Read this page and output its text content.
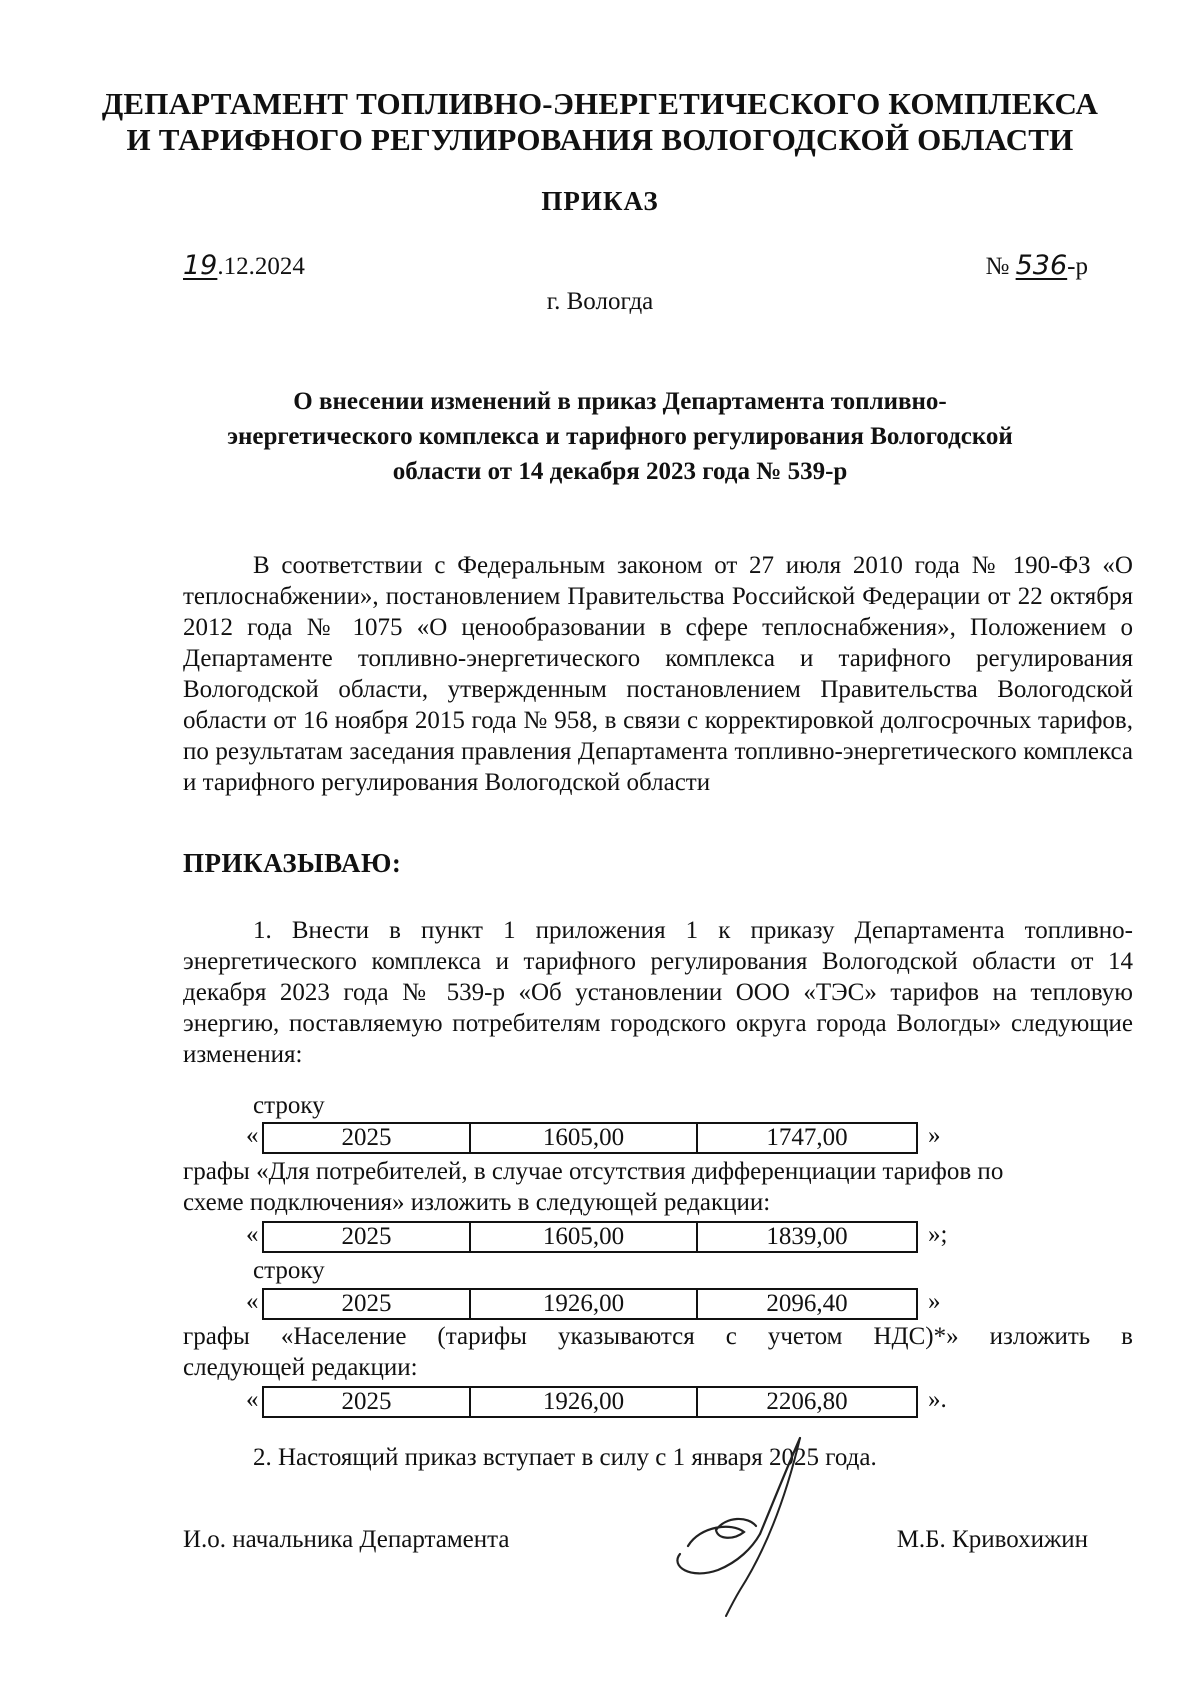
ДЕПАРТАМЕНТ ТОПЛИВНО-ЭНЕРГЕТИЧЕСКОГО КОМПЛЕКСА
И ТАРИФНОГО РЕГУЛИРОВАНИЯ ВОЛОГОДСКОЙ ОБЛАСТИ
ПРИКАЗ
19.12.2024	№ 536-р
г. Вологда
О внесении изменений в приказ Департамента топливно-
энергетического комплекса и тарифного регулирования Вологодской
области от 14 декабря 2023 года № 539-р

В соответствии с Федеральным законом от 27 июля 2010 года № 190-ФЗ «О теплоснабжении», постановлением Правительства Российской Федерации от 22 октября 2012 года № 1075 «О ценообразовании в сфере теплоснабжения», Положением о Департаменте топливно-энергетического комплекса и тарифного регулирования Вологодской области, утвержденным постановлением Правительства Вологодской области от 16 ноября 2015 года № 958, в связи с корректировкой долгосрочных тарифов, по результатам заседания правления Департамента топливно-энергетического комплекса и тарифного регулирования Вологодской области

ПРИКАЗЫВАЮ:

1. Внести в пункт 1 приложения 1 к приказу Департамента топливно-энергетического комплекса и тарифного регулирования Вологодской области от 14 декабря 2023 года № 539-р «Об установлении ООО «ТЭС» тарифов на тепловую энергию, поставляемую потребителям городского округа города Вологды» следующие изменения:

строку
«	2025	1605,00	1747,00	»
графы «Для потребителей, в случае отсутствия дифференциации тарифов по
схеме подключения» изложить в следующей редакции:
«	2025	1605,00	1839,00	»;
строку
«	2025	1926,00	2096,40	»
графы «Население (тарифы указываются с учетом НДС)*» изложить в
следующей редакции:
«	2025	1926,00	2206,80	».
2. Настоящий приказ вступает в силу с 1 января 2025 года.
И.о. начальника Департамента	М.Б. Кривохижин
